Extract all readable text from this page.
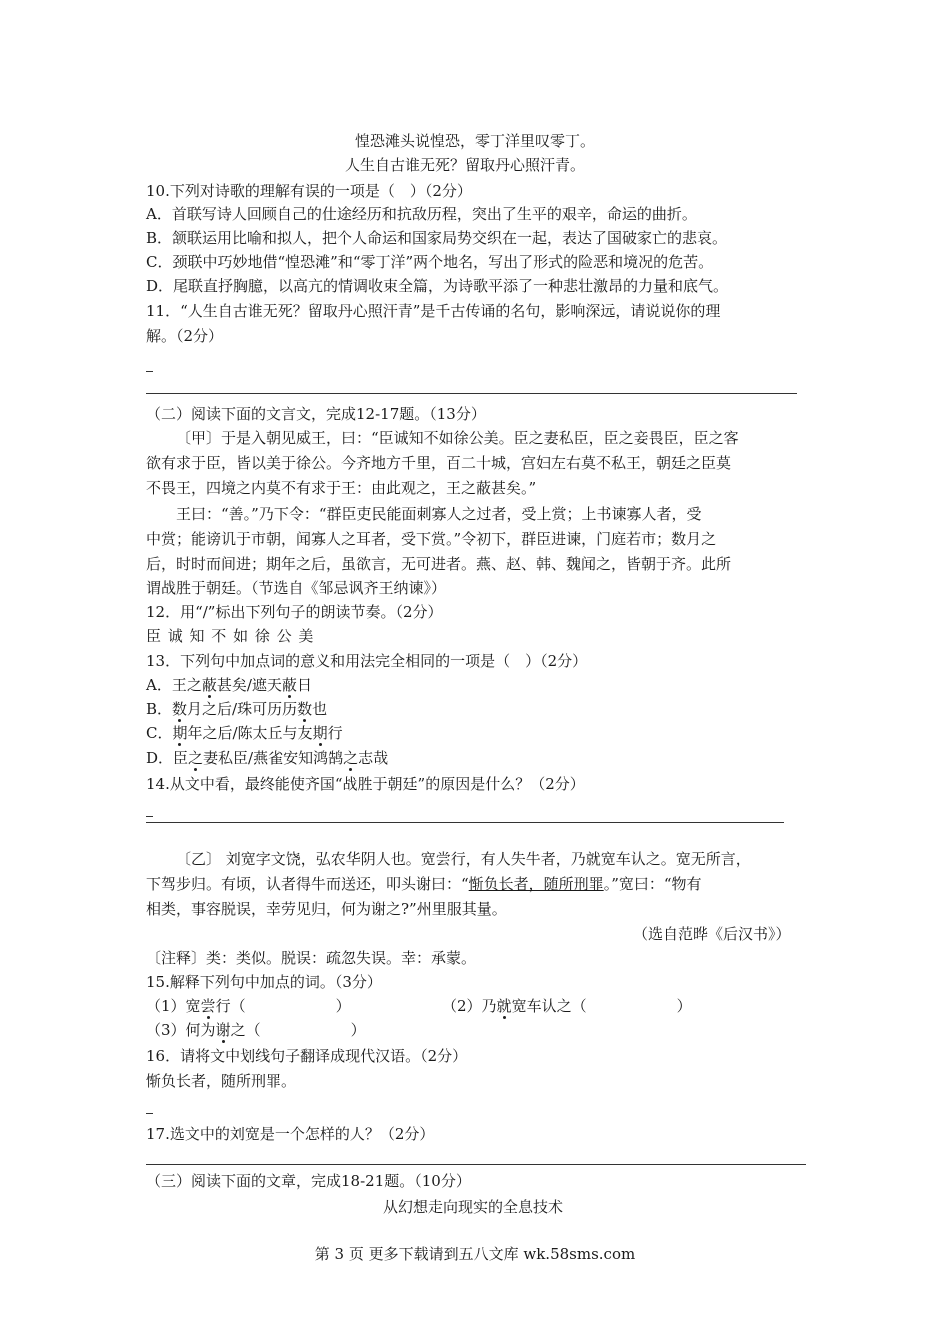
惶恐滩头说惶恐，零丁洋里叹零丁。
人生自古谁无死？留取丹心照汗青。
10.下列对诗歌的理解有误的一项是（　）（2分）
A．首联写诗人回顾自己的仕途经历和抗敌历程，突出了生平的艰辛，命运的曲折。
B．颔联运用比喻和拟人，把个人命运和国家局势交织在一起，表达了国破家亡的悲哀。
C．颈联中巧妙地借“惶恐滩”和“零丁洋”两个地名，写出了形式的险恶和境况的危苦。
D．尾联直抒胸臆，以高亢的情调收束全篇，为诗歌平添了一种悲壮激昂的力量和底气。
11．“人生自古谁无死？留取丹心照汗青”是千古传诵的名句，影响深远，请说说你的理
解。（2分）
（二）阅读下面的文言文，完成12-17题。（13分）
〔甲〕于是入朝见威王，曰：“臣诚知不如徐公美。臣之妻私臣，臣之妾畏臣，臣之客
欲有求于臣，皆以美于徐公。今齐地方千里，百二十城，宫妇左右莫不私王，朝廷之臣莫
不畏王，四境之内莫不有求于王：由此观之，王之蔽甚矣。”
王曰：“善。”乃下令：“群臣吏民能面刺寡人之过者，受上赏；上书谏寡人者，受
中赏；能谤讥于市朝，闻寡人之耳者，受下赏。”令初下，群臣进谏，门庭若市；数月之
后，时时而间进；期年之后，虽欲言，无可进者。燕、赵、韩、魏闻之，皆朝于齐。此所
谓战胜于朝廷。（节选自《邹忌讽齐王纳谏》）
12．用“/”标出下列句子的朗读节奏。（2分）
臣 诚 知 不 如 徐 公 美
13．下列句中加点词的意义和用法完全相同的一项是（　）（2分）
A．王之蔽甚矣/遮天蔽日
B．数月之后/珠可历历数也
C．期年之后/陈太丘与友期行
D．臣之妻私臣/燕雀安知鸿鹄之志哉
14.从文中看，最终能使齐国“战胜于朝廷”的原因是什么？（2分）
〔乙〕 刘宽字文饶，弘农华阴人也。宽尝行，有人失牛者，乃就宽车认之。宽无所言，
下驾步归。有顷，认者得牛而送还，叩头谢曰：“惭负长者，随所刑罪。”宽曰：“物有
相类，事容脱误，幸劳见归，何为谢之?”州里服其量。
（选自范晔《后汉书》）
〔注释〕类：类似。脱误：疏忽失误。幸：承蒙。
15.解释下列句中加点的词。（3分）
（1）宽尝行（　　　　　　）	（2）乃就宽车认之（　　　　　　）
（3）何为谢之（　　　　　　）
16．请将文中划线句子翻译成现代汉语。（2分）
惭负长者，随所刑罪。
17.选文中的刘宽是一个怎样的人？（2分）
（三）阅读下面的文章，完成18-21题。（10分）
从幻想走向现实的全息技术
第 3 页 更多下载请到五八文库 wk.58sms.com
